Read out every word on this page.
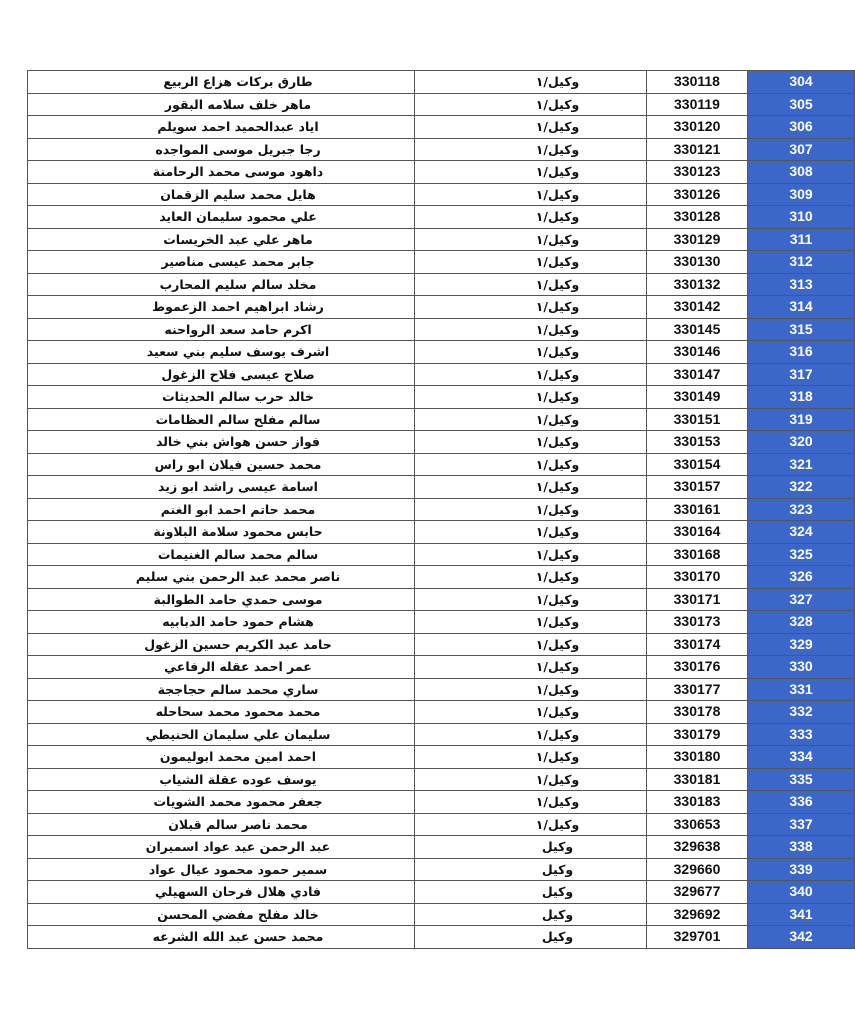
طارق بركات هزاع الربيع	وكيل/١	330118	304
ماهر خلف سلامه البقور	وكيل/١	330119	305
اياد عبدالحميد احمد سويلم	وكيل/١	330120	306
رجا جبريل موسى المواجده	وكيل/١	330121	307
داهود موسى محمد الرحامنة	وكيل/١	330123	308
هايل محمد سليم الزقمان	وكيل/١	330126	309
علي محمود سليمان العايد	وكيل/١	330128	310
ماهر علي عبد الخريسات	وكيل/١	330129	311
جابر محمد عيسى مناصير	وكيل/١	330130	312
مخلد سالم سليم المحارب	وكيل/١	330132	313
رشاد ابراهيم احمد الزعموط	وكيل/١	330142	314
اكرم حامد سعد الرواحنه	وكيل/١	330145	315
اشرف يوسف سليم بني سعيد	وكيل/١	330146	316
صلاح عيسى فلاح الزغول	وكيل/١	330147	317
خالد حرب سالم الحديثات	وكيل/١	330149	318
سالم مفلح سالم العظامات	وكيل/١	330151	319
فواز حسن هواش بني خالد	وكيل/١	330153	320
محمد حسين فيلان ابو راس	وكيل/١	330154	321
اسامة عيسى راشد ابو زيد	وكيل/١	330157	322
محمد حاتم احمد ابو الغنم	وكيل/١	330161	323
حابس محمود سلامة البلاونة	وكيل/١	330164	324
سالم محمد سالم الغنيمات	وكيل/١	330168	325
ناصر محمد عبد الرحمن بني سليم	وكيل/١	330170	326
موسى حمدي حامد الطوالبة	وكيل/١	330171	327
هشام حمود حامد الدبابيه	وكيل/١	330173	328
حامد عبد الكريم حسين الزغول	وكيل/١	330174	329
عمر احمد عقله الرفاعي	وكيل/١	330176	330
ساري محمد سالم حجاججة	وكيل/١	330177	331
محمد محمود محمد سحاحله	وكيل/١	330178	332
سليمان علي سليمان الحنيطي	وكيل/١	330179	333
احمد امين محمد ابوليمون	وكيل/١	330180	334
يوسف عوده عقلة الشياب	وكيل/١	330181	335
جعفر محمود محمد الشويات	وكيل/١	330183	336
محمد ناصر سالم قبلان	وكيل/١	330653	337
عبد الرحمن عيد عواد اسميران	وكيل	329638	338
سمير حمود محمود عيال عواد	وكيل	329660	339
فادي هلال فرحان السهيلي	وكيل	329677	340
خالد مفلح مفضي المحسن	وكيل	329692	341
محمد حسن عبد الله الشرعه	وكيل	329701	342
